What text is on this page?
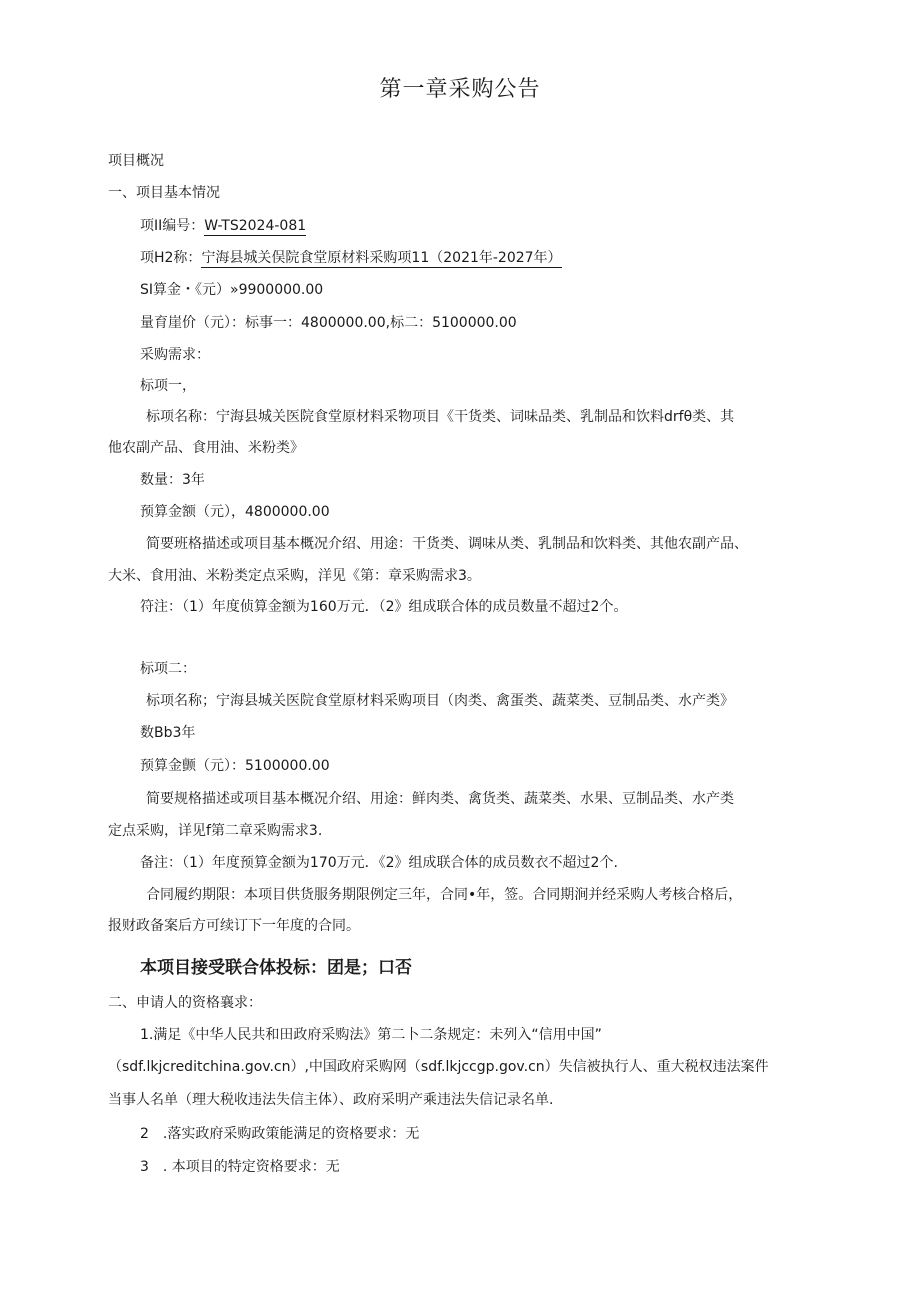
第一章采购公告
项目概况
一、项目基本情况
项II编号：W-TS2024-081
项H2称：宁海县城关俣院食堂原材料采购项11（2021年-2027年）
SI算金・《元）»9900000.00
量育崖价（元）：标事一：4800000.00,标二：5100000.00
采购需求：
标项一，
标项名称：宁海县城关医院食堂原材料采物项目《干货类、词味品类、乳制品和饮料drfθ类、其
他农副产品、食用油、米粉类》
数量：3年
预算金额（元），4800000.00
简要班格描述或项目基本概况介绍、用途：干货类、调味从类、乳制品和饮料类、其他农副产品、
大米、食用油、米粉类定点采购，洋见《第：章采购需求3。
符注：（1）年度侦算金额为160万元．（2》组成联合体的成员数量不超过2个。
标项二：
标项名称；宁海县城关医院食堂原材料采购项目（肉类、禽蛋类、蔬菜类、豆制品类、水产类》
数Bb3年
预算金颤（元）：5100000.00
简要规格描述或项目基本概况介绍、用途：鲜肉类、禽货类、蔬菜类、水果、豆制品类、水产类
定点采购，详见f第二章采购需求3.
备注：（1）年度预算金额为170万元．《2》组成联合体的成员数衣不超过2个.
合同履约期限：本项目供货服务期限例定三年，合同•年，签。合同期涧并经采购人考核合格后，
报财政备案后方可续订下一年度的合同。
本项目接受联合体投标：团是；口否
二、申请人的资格襄求：
1.满足《中华人民共和田政府采购法》第二卜二条规定：未列入“信用中国”
（sdf.lkjcreditchina.gov.cn）,中国政府采购网（sdf.lkjccgp.gov.cn）失信被执行人、重大税权违法案件
当事人名单（理大税收违法失信主体）、政府采明产乘违法失信记录名单.
2　.落实政府采购政策能满足的资格要求：无
3　. 本项目的特定资格要求：无
